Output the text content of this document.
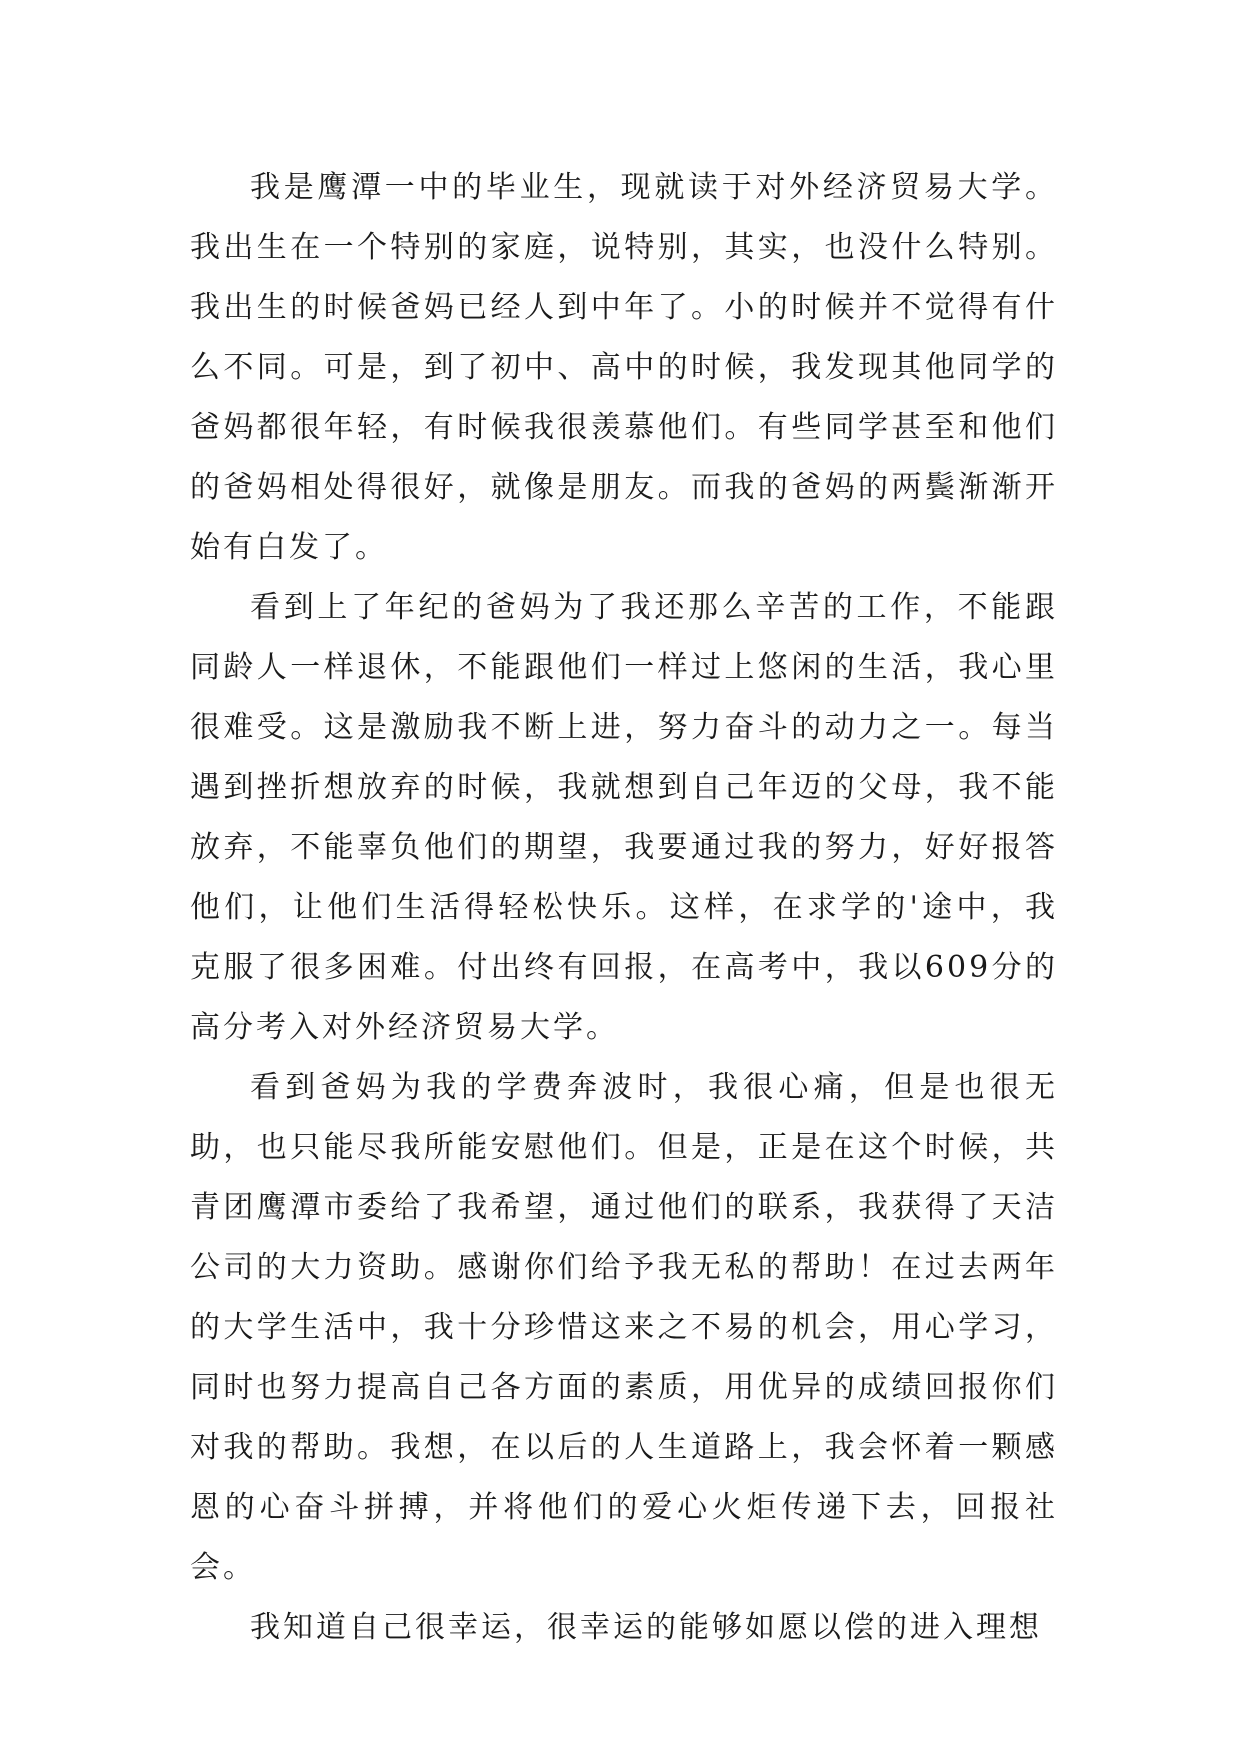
我是鹰潭一中的毕业生，现就读于对外经济贸易大学。我出生在一个特别的家庭，说特别，其实，也没什么特别。我出生的时候爸妈已经人到中年了。小的时候并不觉得有什么不同。可是，到了初中、高中的时候，我发现其他同学的爸妈都很年轻，有时候我很羡慕他们。有些同学甚至和他们的爸妈相处得很好，就像是朋友。而我的爸妈的两鬓渐渐开始有白发了。

看到上了年纪的爸妈为了我还那么辛苦的工作，不能跟同龄人一样退休，不能跟他们一样过上悠闲的生活，我心里很难受。这是激励我不断上进，努力奋斗的动力之一。每当遇到挫折想放弃的时候，我就想到自己年迈的父母，我不能放弃，不能辜负他们的期望，我要通过我的努力，好好报答他们，让他们生活得轻松快乐。这样，在求学的'途中，我克服了很多困难。付出终有回报，在高考中，我以609分的高分考入对外经济贸易大学。

看到爸妈为我的学费奔波时，我很心痛，但是也很无助，也只能尽我所能安慰他们。但是，正是在这个时候，共青团鹰潭市委给了我希望，通过他们的联系，我获得了天洁公司的大力资助。感谢你们给予我无私的帮助！在过去两年的大学生活中，我十分珍惜这来之不易的机会，用心学习，同时也努力提高自己各方面的素质，用优异的成绩回报你们对我的帮助。我想，在以后的人生道路上，我会怀着一颗感恩的心奋斗拼搏，并将他们的爱心火炬传递下去，回报社会。

我知道自己很幸运，很幸运的能够如愿以偿的进入理想
